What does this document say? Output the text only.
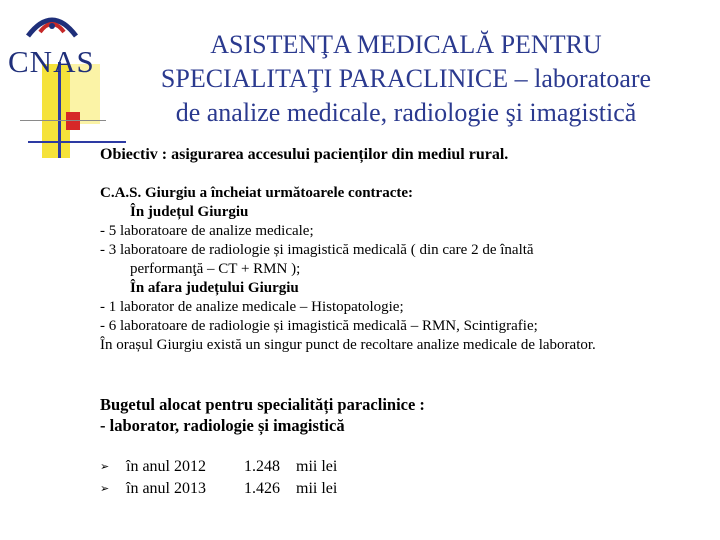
CNAS	ASISTENŢA MEDICALĂ PENTRU
SPECIALITAŢI PARACLINICE – laboratoare
de analize medicale, radiologie şi imagistică
Obiectiv : asigurarea accesului pacienților din mediul rural.
C.A.S. Giurgiu a încheiat următoarele contracte:
În județul Giurgiu
- 5 laboratoare de analize medicale;
- 3 laboratoare de radiologie și imagistică medicală ( din care 2 de înaltă
performanţă – CT + RMN );
În afara județului Giurgiu
- 1 laborator de analize medicale – Histopatologie;
- 6 laboratoare de radiologie și imagistică medicală – RMN, Scintigrafie;
În orașul Giurgiu există un singur punct de recoltare analize medicale de laborator.
Bugetul alocat pentru specialități paraclinice :
- laborator, radiologie și imagistică
➢	în anul 2012	1.248	mii lei
➢	în anul 2013	1.426	mii lei
